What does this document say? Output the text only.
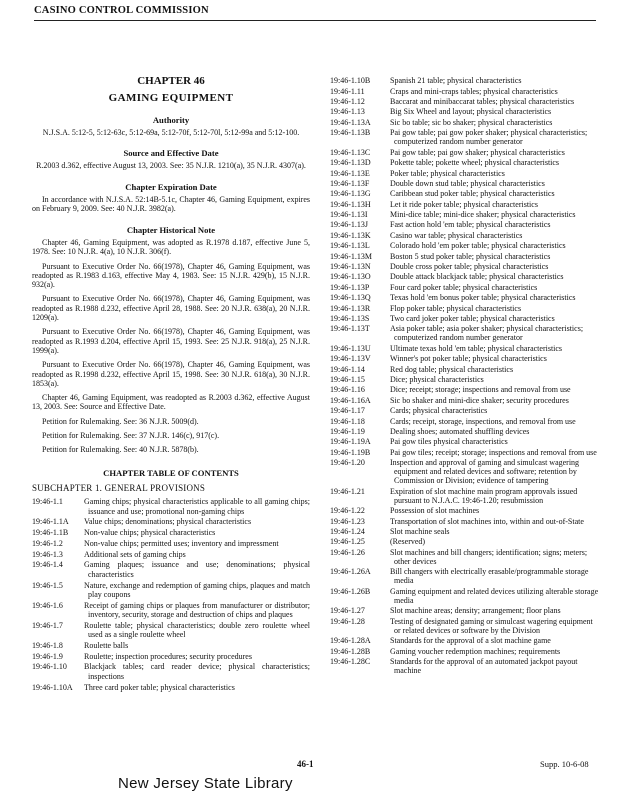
CASINO CONTROL COMMISSION
CHAPTER 46
GAMING EQUIPMENT
Authority
N.J.S.A. 5:12-5, 5:12-63c, 5:12-69a, 5:12-70f, 5:12-70l, 5:12-99a and 5:12-100.
Source and Effective Date
R.2003 d.362, effective August 13, 2003. See: 35 N.J.R. 1210(a), 35 N.J.R. 4307(a).
Chapter Expiration Date
In accordance with N.J.S.A. 52:14B-5.1c, Chapter 46, Gaming Equipment, expires on February 9, 2009. See: 40 N.J.R. 3982(a).
Chapter Historical Note
Chapter 46, Gaming Equipment, was adopted as R.1978 d.187, effective June 5, 1978. See: 10 N.J.R. 4(a), 10 N.J.R. 306(f).
Pursuant to Executive Order No. 66(1978), Chapter 46, Gaming Equipment, was readopted as R.1983 d.163, effective May 4, 1983. See: 15 N.J.R. 429(b), 15 N.J.R. 932(a).
Pursuant to Executive Order No. 66(1978), Chapter 46, Gaming Equipment, was readopted as R.1988 d.232, effective April 28, 1988. See: 20 N.J.R. 638(a), 20 N.J.R. 1209(a).
Pursuant to Executive Order No. 66(1978), Chapter 46, Gaming Equipment, was readopted as R.1993 d.204, effective April 15, 1993. See: 25 N.J.R. 918(a), 25 N.J.R. 1999(a).
Pursuant to Executive Order No. 66(1978), Chapter 46, Gaming Equipment, was readopted as R.1998 d.232, effective April 15, 1998. See: 30 N.J.R. 618(a), 30 N.J.R. 1853(a).
Chapter 46, Gaming Equipment, was readopted as R.2003 d.362, effective August 13, 2003. See: Source and Effective Date.
Petition for Rulemaking. See: 36 N.J.R. 5009(d).
Petition for Rulemaking. See: 37 N.J.R. 146(c), 917(c).
Petition for Rulemaking. See: 40 N.J.R. 5878(b).
CHAPTER TABLE OF CONTENTS
SUBCHAPTER 1. GENERAL PROVISIONS
19:46-1.1	Gaming chips; physical characteristics applicable to all gaming chips; issuance and use; promotional non-gaming chips
19:46-1.1A	Value chips; denominations; physical characteristics
19:46-1.1B	Non-value chips; physical characteristics
19:46-1.2	Non-value chips; permitted uses; inventory and impressment
19:46-1.3	Additional sets of gaming chips
19:46-1.4	Gaming plaques; issuance and use; denominations; physical characteristics
19:46-1.5	Nature, exchange and redemption of gaming chips, plaques and match play coupons
19:46-1.6	Receipt of gaming chips or plaques from manufacturer or distributor; inventory, security, storage and destruction of chips and plaques
19:46-1.7	Roulette table; physical characteristics; double zero roulette wheel used as a single roulette wheel
19:46-1.8	Roulette balls
19:46-1.9	Roulette; inspection procedures; security procedures
19:46-1.10	Blackjack tables; card reader device; physical characteristics; inspections
19:46-1.10A	Three card poker table; physical characteristics
19:46-1.10B	Spanish 21 table; physical characteristics
19:46-1.11	Craps and mini-craps tables; physical characteristics
19:46-1.12	Baccarat and minibaccarat tables; physical characteristics
19:46-1.13	Big Six Wheel and layout; physical characteristics
19:46-1.13A	Sic bo table; sic bo shaker; physical characteristics
19:46-1.13B	Pai gow table; pai gow poker shaker; physical characteristics; computerized random number generator
19:46-1.13C	Pai gow table; pai gow shaker; physical characteristics
19:46-1.13D	Pokette table; pokette wheel; physical characteristics
19:46-1.13E	Poker table; physical characteristics
19:46-1.13F	Double down stud table; physical characteristics
19:46-1.13G	Caribbean stud poker table; physical characteristics
19:46-1.13H	Let it ride poker table; physical characteristics
19:46-1.13I	Mini-dice table; mini-dice shaker; physical characteristics
19:46-1.13J	Fast action hold 'em table; physical characteristics
19:46-1.13K	Casino war table; physical characteristics
19:46-1.13L	Colorado hold 'em poker table; physical characteristics
19:46-1.13M	Boston 5 stud poker table; physical characteristics
19:46-1.13N	Double cross poker table; physical characteristics
19:46-1.13O	Double attack blackjack table; physical characteristics
19:46-1.13P	Four card poker table; physical characteristics
19:46-1.13Q	Texas hold 'em bonus poker table; physical characteristics
19:46-1.13R	Flop poker table; physical characteristics
19:46-1.13S	Two card joker poker table; physical characteristics
19:46-1.13T	Asia poker table; asia poker shaker; physical characteristics; computerized random number generator
19:46-1.13U	Ultimate texas hold 'em table; physical characteristics
19:46-1.13V	Winner's pot poker table; physical characteristics
19:46-1.14	Red dog table; physical characteristics
19:46-1.15	Dice; physical characteristics
19:46-1.16	Dice; receipt; storage; inspections and removal from use
19:46-1.16A	Sic bo shaker and mini-dice shaker; security procedures
19:46-1.17	Cards; physical characteristics
19:46-1.18	Cards; receipt, storage, inspections, and removal from use
19:46-1.19	Dealing shoes; automated shuffling devices
19:46-1.19A	Pai gow tiles physical characteristics
19:46-1.19B	Pai gow tiles; receipt; storage; inspections and removal from use
19:46-1.20	Inspection and approval of gaming and simulcast wagering equipment and related devices and software; retention by Commission or Division; evidence of tampering
19:46-1.21	Expiration of slot machine main program approvals issued pursuant to N.J.A.C. 19:46-1.20; resubmission
19:46-1.22	Possession of slot machines
19:46-1.23	Transportation of slot machines into, within and out-of-State
19:46-1.24	Slot machine seals
19:46-1.25	(Reserved)
19:46-1.26	Slot machines and bill changers; identification; signs; meters; other devices
19:46-1.26A	Bill changers with electrically erasable/programmable storage media
19:46-1.26B	Gaming equipment and related devices utilizing alterable storage media
19:46-1.27	Slot machine areas; density; arrangement; floor plans
19:46-1.28	Testing of designated gaming or simulcast wagering equipment or related devices or software by the Division
19:46-1.28A	Standards for the approval of a slot machine game
19:46-1.28B	Gaming voucher redemption machines; requirements
19:46-1.28C	Standards for the approval of an automated jackpot payout machine
46-1	Supp. 10-6-08
New Jersey State Library
